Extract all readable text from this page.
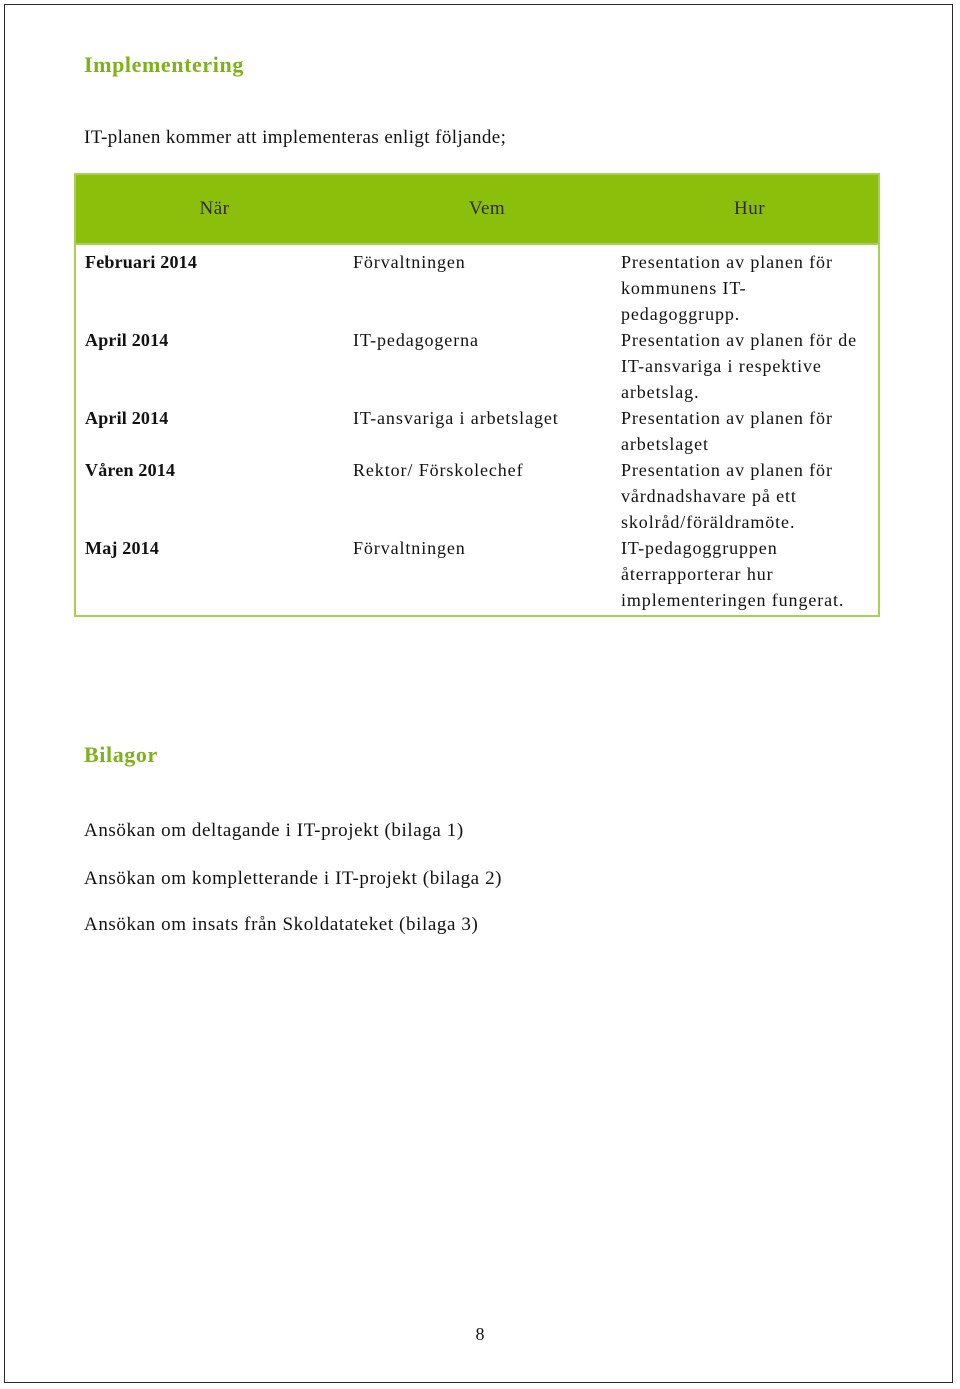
Implementering
IT-planen kommer att implementeras enligt följande;
När	Vem	Hur
Februari 2014	Förvaltningen	Presentation av planen för kommunens IT-pedagoggrupp.
April 2014	IT-pedagogerna	Presentation av planen för de IT-ansvariga i respektive arbetslag.
April 2014	IT-ansvariga i arbetslaget	Presentation av planen för arbetslaget
Våren 2014	Rektor/ Förskolechef	Presentation av planen för vårdnadshavare på ett skolråd/föräldramöte.
Maj 2014	Förvaltningen	IT-pedagoggruppen återrapporterar hur implementeringen fungerat.
Bilagor
Ansökan om deltagande i IT-projekt (bilaga 1)
Ansökan om kompletterande i IT-projekt (bilaga 2)
Ansökan om insats från Skoldatateket (bilaga 3)
8
